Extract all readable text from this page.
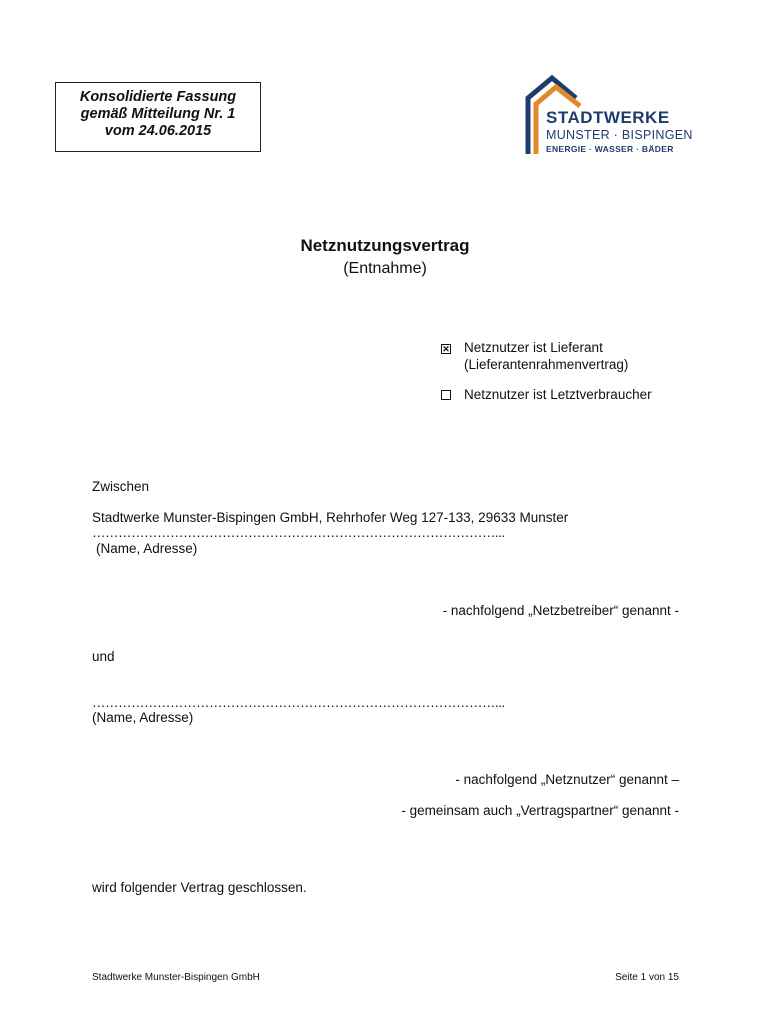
Konsolidierte Fassung
gemäß Mitteilung Nr. 1
vom 24.06.2015
STADTWERKE
MUNSTER · BISPINGEN
ENERGIE · WASSER · BÄDER
Netznutzungsvertrag
(Entnahme)
✕ Netznutzer ist Lieferant
(Lieferantenrahmenvertrag)
Netznutzer ist Letztverbraucher
Zwischen
Stadtwerke Munster-Bispingen GmbH, Rehrhofer Weg 127-133, 29633 Munster
…………………………………………………………………………………...
(Name, Adresse)
- nachfolgend „Netzbetreiber“ genannt -
und
…………………………………………………………………………………...
(Name, Adresse)
- nachfolgend „Netznutzer“ genannt –
- gemeinsam auch „Vertragspartner“ genannt -
wird folgender Vertrag geschlossen.
Stadtwerke Munster-Bispingen GmbH	Seite 1 von 15
